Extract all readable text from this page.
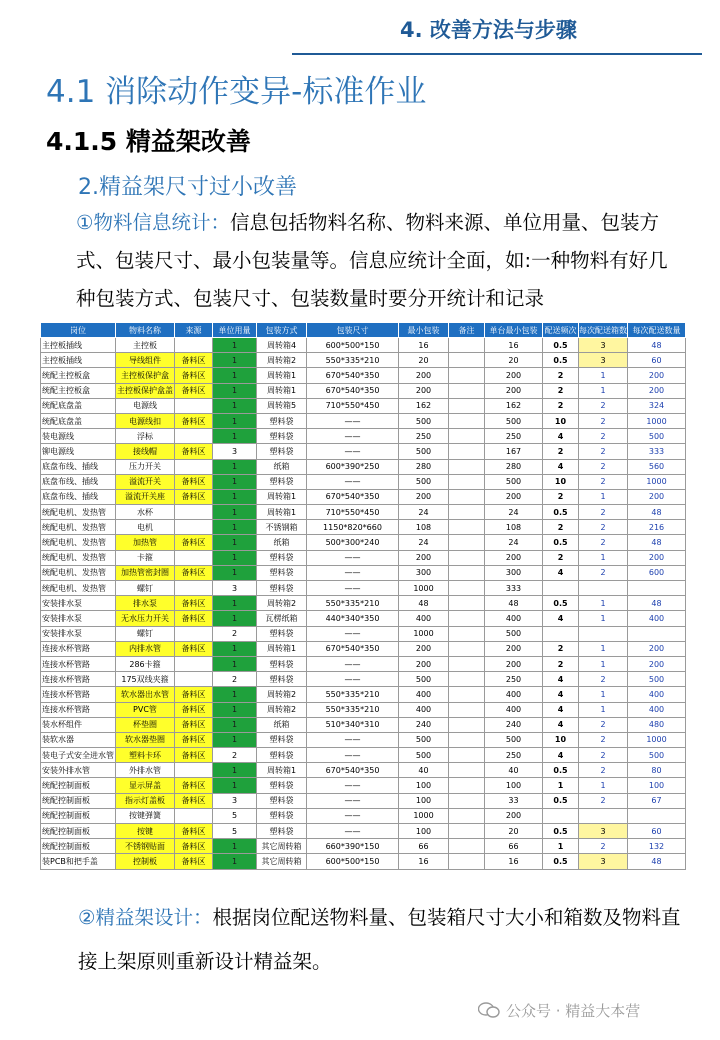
4. 改善方法与步骤
4.1 消除动作变异-标准作业
4.1.5 精益架改善
2.精益架尺寸过小改善
①物料信息统计：信息包括物料名称、物料来源、单位用量、包装方式、包装尺寸、最小包装量等。信息应统计全面，如:一种物料有好几种包装方式、包装尺寸、包装数量时要分开统计和记录
岗位	物料名称	来源	单位用量	包装方式	包装尺寸	最小包装	备注	单台最小包装	配送频次	每次配送箱数	每次配送数量
主控板插线	主控板		1	周转箱4	600*500*150	16		16	0.5	3	48
主控板插线	导线组件	备料区	1	周转箱2	550*335*210	20		20	0.5	3	60
统配主控板盒	主控板保护盒	备料区	1	周转箱1	670*540*350	200		200	2	1	200
统配主控板盒	主控板保护盒盖	备料区	1	周转箱1	670*540*350	200		200	2	1	200
统配底盘盖	电源线		1	周转箱5	710*550*450	162		162	2	2	324
统配底盘盖	电源线扣	备料区	1	塑料袋	——	500		500	10	2	1000
装电源线	浮标		1	塑料袋	——	250		250	4	2	500
铆电源线	接线帽	备料区	3	塑料袋	——	500		167	2	2	333
底盘布线、插线	压力开关		1	纸箱	600*390*250	280		280	4	2	560
底盘布线、插线	溢流开关	备料区	1	塑料袋	——	500		500	10	2	1000
底盘布线、插线	溢流开关座	备料区	1	周转箱1	670*540*350	200		200	2	1	200
统配电机、发热管	水杯		1	周转箱1	710*550*450	24		24	0.5	2	48
统配电机、发热管	电机		1	不锈钢箱	1150*820*660	108		108	2	2	216
统配电机、发热管	加热管	备料区	1	纸箱	500*300*240	24		24	0.5	2	48
统配电机、发热管	卡箍		1	塑料袋	——	200		200	2	1	200
统配电机、发热管	加热管密封圈	备料区	1	塑料袋	——	300		300	4	2	600
统配电机、发热管	螺钉		3	塑料袋	——	1000		333			
安装排水泵	排水泵	备料区	1	周转箱2	550*335*210	48		48	0.5	1	48
安装排水泵	无水压力开关	备料区	1	瓦楞纸箱	440*340*350	400		400	4	1	400
安装排水泵	螺钉		2	塑料袋	——	1000		500			
连接水杯管路	内排水管	备料区	1	周转箱1	670*540*350	200		200	2	1	200
连接水杯管路	286卡箍		1	塑料袋	——	200		200	2	1	200
连接水杯管路	175双线夹箍		2	塑料袋	——	500		250	4	2	500
连接水杯管路	软水器出水管	备料区	1	周转箱2	550*335*210	400		400	4	1	400
连接水杯管路	PVC管	备料区	1	周转箱2	550*335*210	400		400	4	1	400
装水杯组件	杯垫圈	备料区	1	纸箱	510*340*310	240		240	4	2	480
装软水器	软水器垫圈	备料区	1	塑料袋	——	500		500	10	2	1000
装电子式安全进水管	塑料卡环	备料区	2	塑料袋	——	500		250	4	2	500
安装外排水管	外排水管		1	周转箱1	670*540*350	40		40	0.5	2	80
统配控制面板	显示屏盖	备料区	1	塑料袋	——	100		100	1	1	100
统配控制面板	指示灯盖板	备料区	3	塑料袋	——	100		33	0.5	2	67
统配控制面板	按键弹簧		5	塑料袋	——	1000		200			
统配控制面板	按键	备料区	5	塑料袋	——	100		20	0.5	3	60
统配控制面板	不锈钢贴面	备料区	1	其它周转箱	660*390*150	66		66	1	2	132
装PCB和把手盖	控制板	备料区	1	其它周转箱	600*500*150	16		16	0.5	3	48
②精益架设计：根据岗位配送物料量、包装箱尺寸大小和箱数及物料直接上架原则重新设计精益架。
公众号 · 精益大本营
